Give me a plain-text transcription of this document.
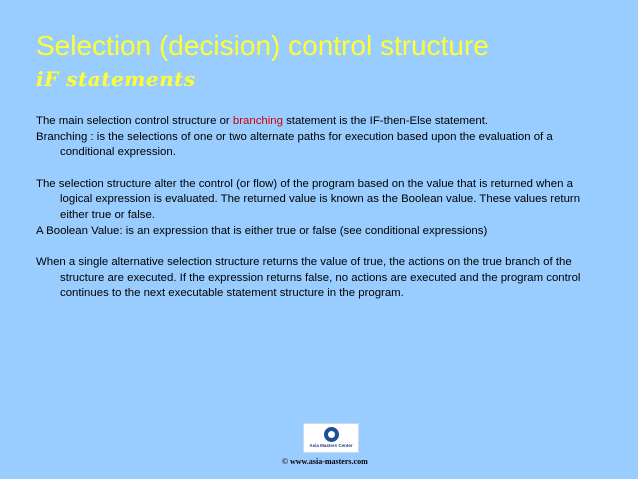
Selection (decision) control structure
iF statements

The main selection control structure or branching statement is the IF-then-Else statement.

Branching : is the selections of one or two alternate paths for execution based upon the evaluation of a conditional expression.

The selection structure alter the control (or flow) of the program based on the value that is returned when a logical expression is evaluated. The returned value is known as the Boolean value. These values return either true or false.

A Boolean Value: is an expression that is either true or false (see conditional expressions)

When a single alternative selection structure returns the value of true, the actions on the true branch of the structure are executed. If the expression returns false, no actions are executed and the program control continues to the next executable statement structure in the program.

Asia Masters Center
© www.asia-masters.com
